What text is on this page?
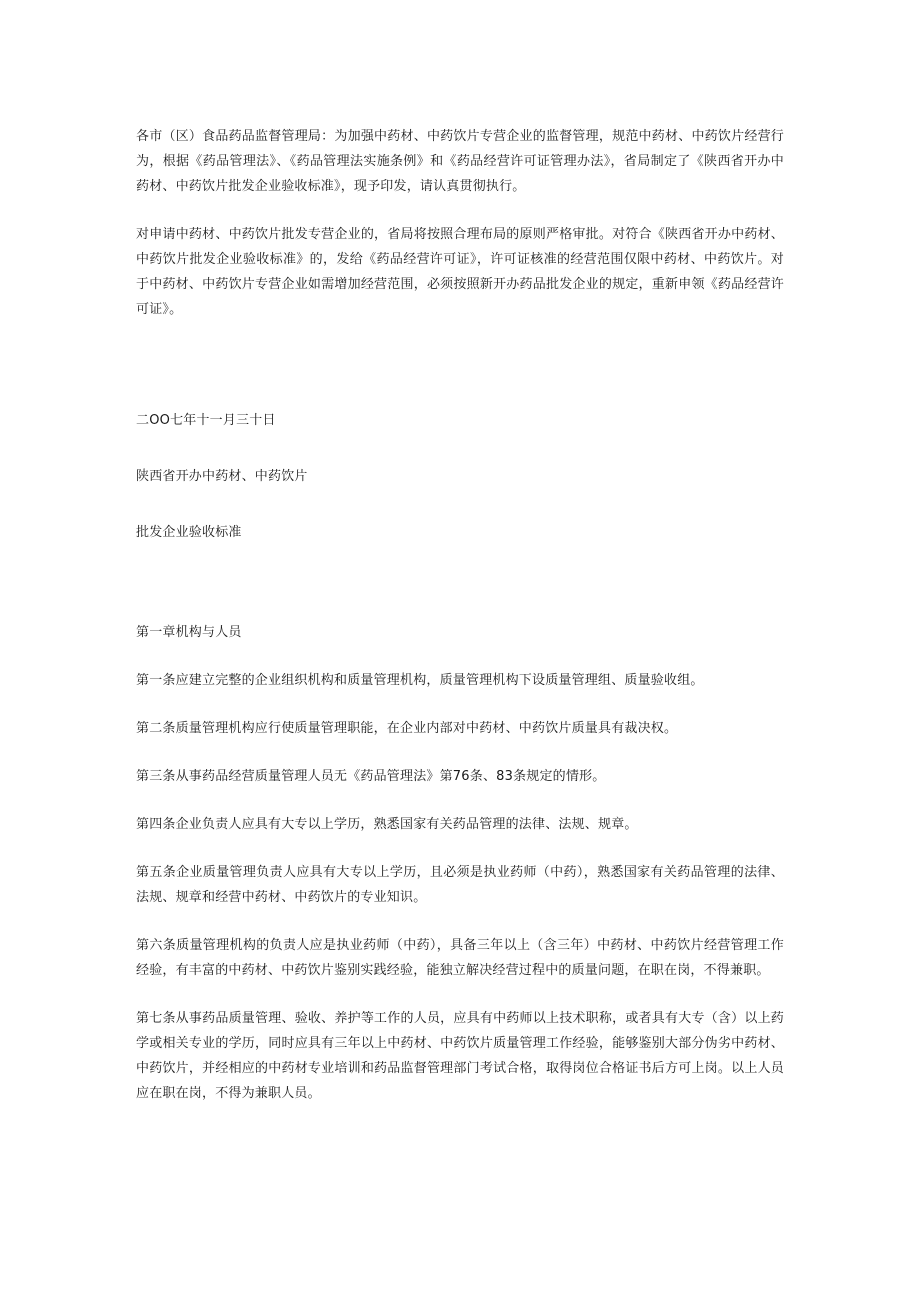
各市（区）食品药品监督管理局：为加强中药材、中药饮片专营企业的监督管理，规范中药材、中药饮片经营行为，根据《药品管理法》、《药品管理法实施条例》和《药品经营许可证管理办法》，省局制定了《陕西省开办中药材、中药饮片批发企业验收标准》，现予印发，请认真贯彻执行。

对申请中药材、中药饮片批发专营企业的，省局将按照合理布局的原则严格审批。对符合《陕西省开办中药材、中药饮片批发企业验收标准》的，发给《药品经营许可证》，许可证核准的经营范围仅限中药材、中药饮片。对于中药材、中药饮片专营企业如需增加经营范围，必须按照新开办药品批发企业的规定，重新申领《药品经营许可证》。

二OO七年十一月三十日

陕西省开办中药材、中药饮片

批发企业验收标准

第一章机构与人员

第一条应建立完整的企业组织机构和质量管理机构，质量管理机构下设质量管理组、质量验收组。

第二条质量管理机构应行使质量管理职能，在企业内部对中药材、中药饮片质量具有裁决权。

第三条从事药品经营质量管理人员无《药品管理法》第76条、83条规定的情形。

第四条企业负责人应具有大专以上学历，熟悉国家有关药品管理的法律、法规、规章。

第五条企业质量管理负责人应具有大专以上学历，且必须是执业药师（中药），熟悉国家有关药品管理的法律、法规、规章和经营中药材、中药饮片的专业知识。

第六条质量管理机构的负责人应是执业药师（中药），具备三年以上（含三年）中药材、中药饮片经营管理工作经验，有丰富的中药材、中药饮片鉴别实践经验，能独立解决经营过程中的质量问题，在职在岗，不得兼职。

第七条从事药品质量管理、验收、养护等工作的人员，应具有中药师以上技术职称，或者具有大专（含）以上药学或相关专业的学历，同时应具有三年以上中药材、中药饮片质量管理工作经验，能够鉴别大部分伪劣中药材、中药饮片，并经相应的中药材专业培训和药品监督管理部门考试合格，取得岗位合格证书后方可上岗。以上人员应在职在岗，不得为兼职人员。
